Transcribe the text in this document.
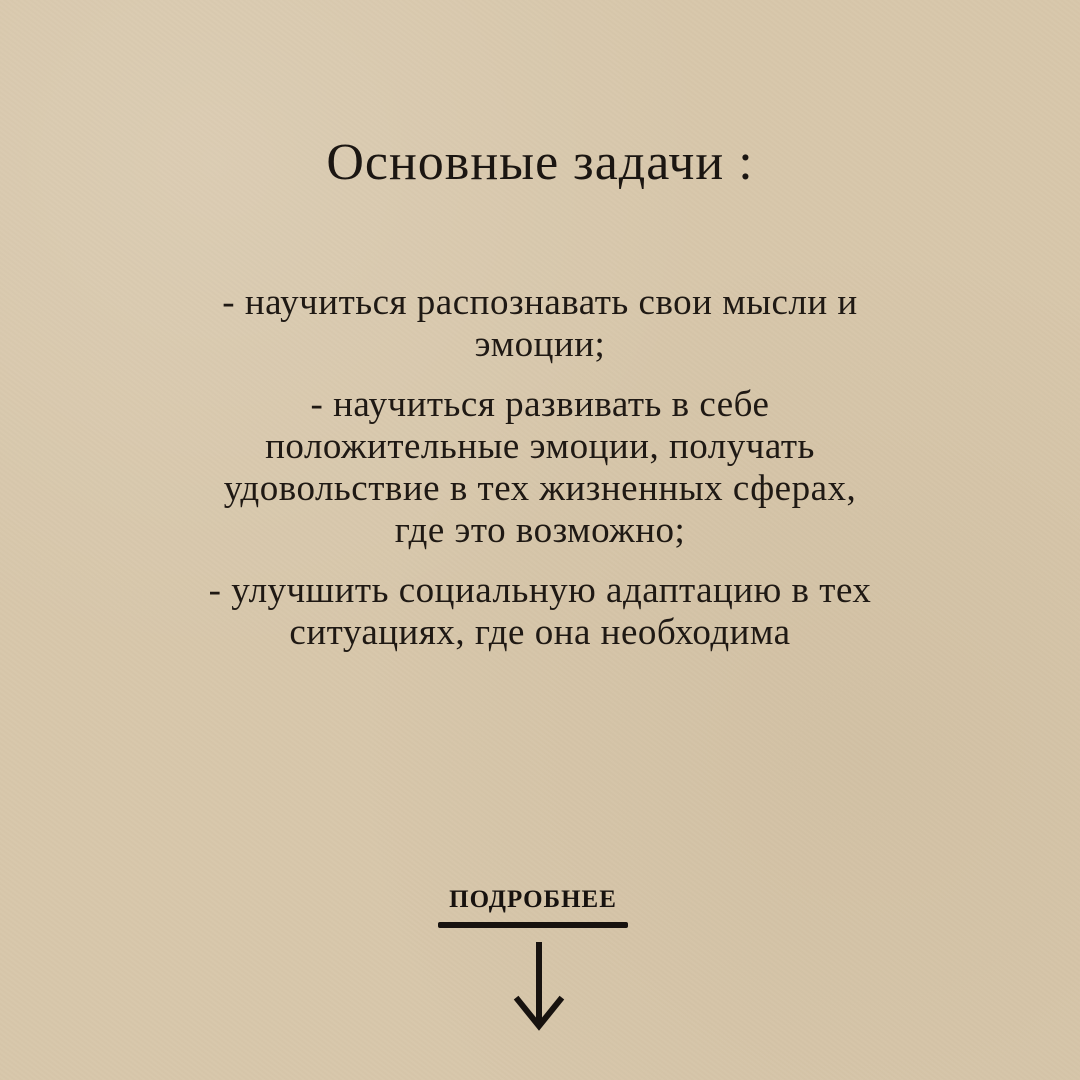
Основные задачи :

- научиться распознавать свои мысли и
эмоции;

- научиться развивать в себе
положительные эмоции, получать
удовольствие в тех жизненных сферах,
где это возможно;

- улучшить социальную адаптацию в тех
ситуациях, где она необходима

ПОДРОБНЕЕ
